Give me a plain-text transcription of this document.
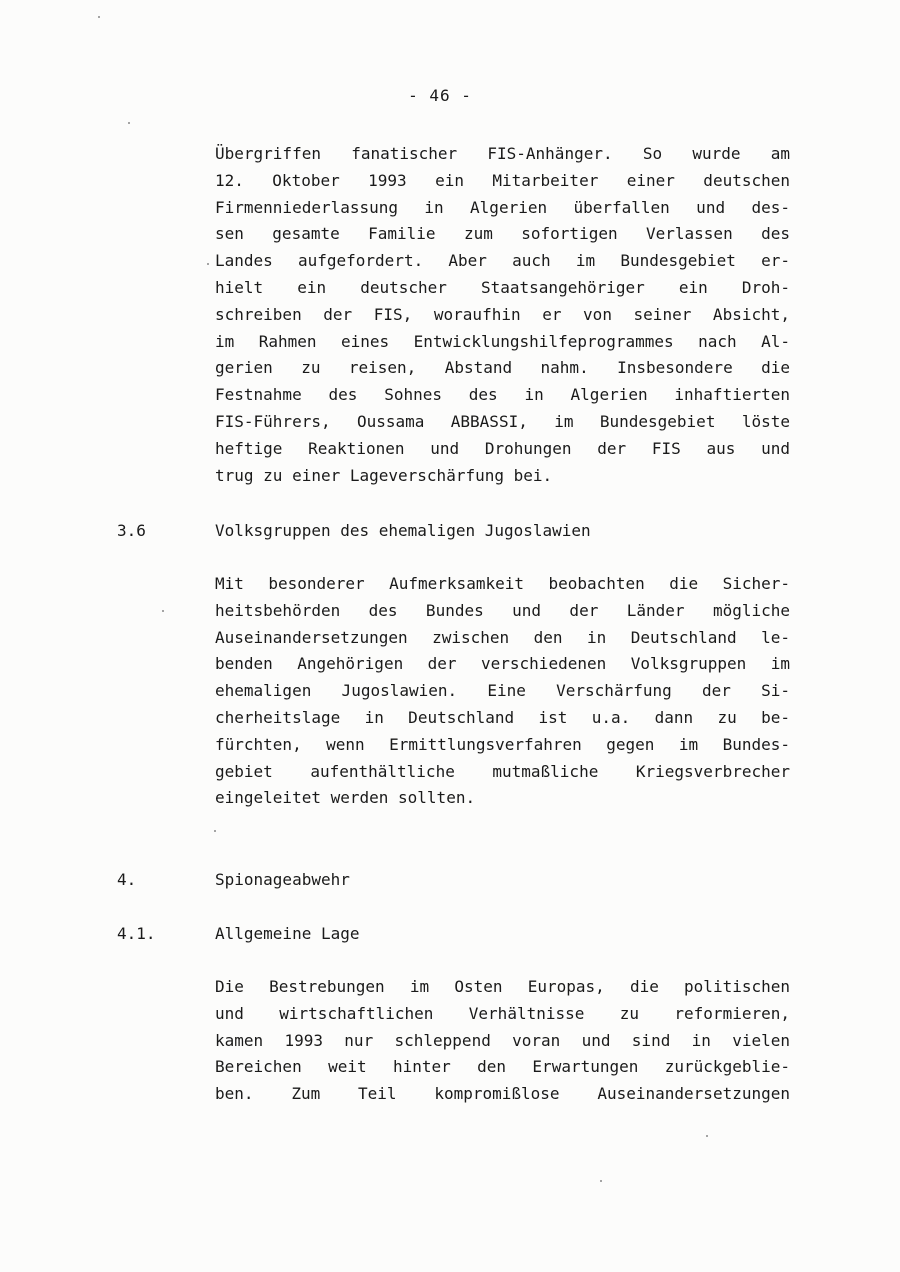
- 46 -
Übergriffen fanatischer FIS-Anhänger. So wurde am
12. Oktober 1993 ein Mitarbeiter einer deutschen
Firmenniederlassung in Algerien überfallen und des-
sen gesamte Familie zum sofortigen Verlassen des
Landes aufgefordert. Aber auch im Bundesgebiet er-
hielt ein deutscher Staatsangehöriger ein Droh-
schreiben der FIS, woraufhin er von seiner Absicht,
im Rahmen eines Entwicklungshilfeprogrammes nach Al-
gerien zu reisen, Abstand nahm. Insbesondere die
Festnahme des Sohnes des in Algerien inhaftierten
FIS-Führers, Oussama ABBASSI, im Bundesgebiet löste
heftige Reaktionen und Drohungen der FIS aus und
trug zu einer Lageverschärfung bei.
3.6	Volksgruppen des ehemaligen Jugoslawien
Mit besonderer Aufmerksamkeit beobachten die Sicher-
heitsbehörden des Bundes und der Länder mögliche
Auseinandersetzungen zwischen den in Deutschland le-
benden Angehörigen der verschiedenen Volksgruppen im
ehemaligen Jugoslawien. Eine Verschärfung der Si-
cherheitslage in Deutschland ist u.a. dann zu be-
fürchten, wenn Ermittlungsverfahren gegen im Bundes-
gebiet aufenthältliche mutmaßliche Kriegsverbrecher
eingeleitet werden sollten.
4.	Spionageabwehr
4.1.	Allgemeine Lage
Die Bestrebungen im Osten Europas, die politischen
und wirtschaftlichen Verhältnisse zu reformieren,
kamen 1993 nur schleppend voran und sind in vielen
Bereichen weit hinter den Erwartungen zurückgeblie-
ben. Zum Teil kompromißlose Auseinandersetzungen
